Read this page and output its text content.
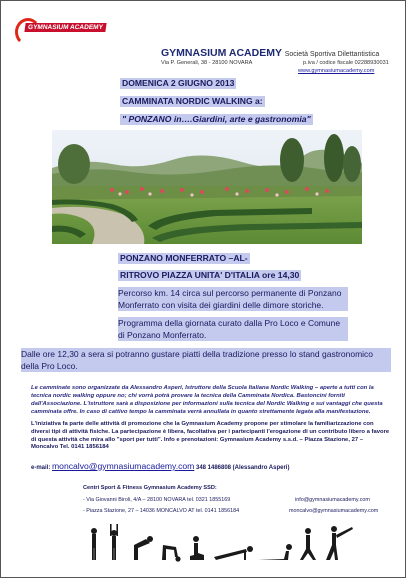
GYMNASIUM ACADEMY
GYMNASIUM ACADEMY Società Sportiva Dilettantistica
Via P. Generali, 38 - 28100 NOVARA	p.iva / codice fiscale 02288930031
www.gymnasiumacademy.com
DOMENICA 2 GIUGNO 2013
CAMMINATA NORDIC WALKING a:
" PONZANO in….Giardini, arte e gastronomia"
PONZANO MONFERRATO –AL-
RITROVO PIAZZA UNITA' D'ITALIA ore 14,30
Percorso km. 14 circa sul percorso permanente di Ponzano Monferrato con visita dei giardini delle dimore storiche.
Programma della giornata curato dalla Pro Loco e Comune di Ponzano Monferrato.
Dalle ore 12,30 a sera si potranno gustare piatti della tradizione presso lo stand gastronomico della Pro Loco.
Le camminate sono organizzate da Alessandro Asperi, Istruttore della Scuola Italiana Nordic Walking – aperte a tutti con la tecnica nordic walking oppure no; chi vorrà potrà provare la tecnica della Camminata Nordica. Bastoncini forniti dall'Associazione. L'istruttore sarà a disposizione per informazioni sulla tecnica del Nordic Walking e sui vantaggi che questa camminata offre. In caso di cattivo tempo la camminata verrà annullata in quanto strettamente legata alla manifestazione.
L'iniziativa fa parte delle attività di promozione che la Gymnasium Academy propone per stimolare la familiarizzazione con diversi tipi di attività fisiche. La partecipazione è libera, facoltativa per i partecipanti l'erogazione di un contributo libero a favore di questa attività che mira allo "sport per tutti". Info e prenotazioni: Gymnasium Academy s.s.d. – Piazza Stazione, 27 – Moncalvo Tel. 0141 1856184
e-mail: moncalvo@gymnasiumacademy.com 348 1486808 (Alessandro Asperi)
Centri Sport & Fitness Gymnasium Academy SSD:
- Via Giovanni Biroli, 4/A – 28100 NOVARA tel. 0321 1855169	info@gymnasiumacademy.com
- Piazza Stazione, 27 – 14036 MONCALVO AT tel. 0141 1856184	moncalvo@gymnasiumacademy.com
